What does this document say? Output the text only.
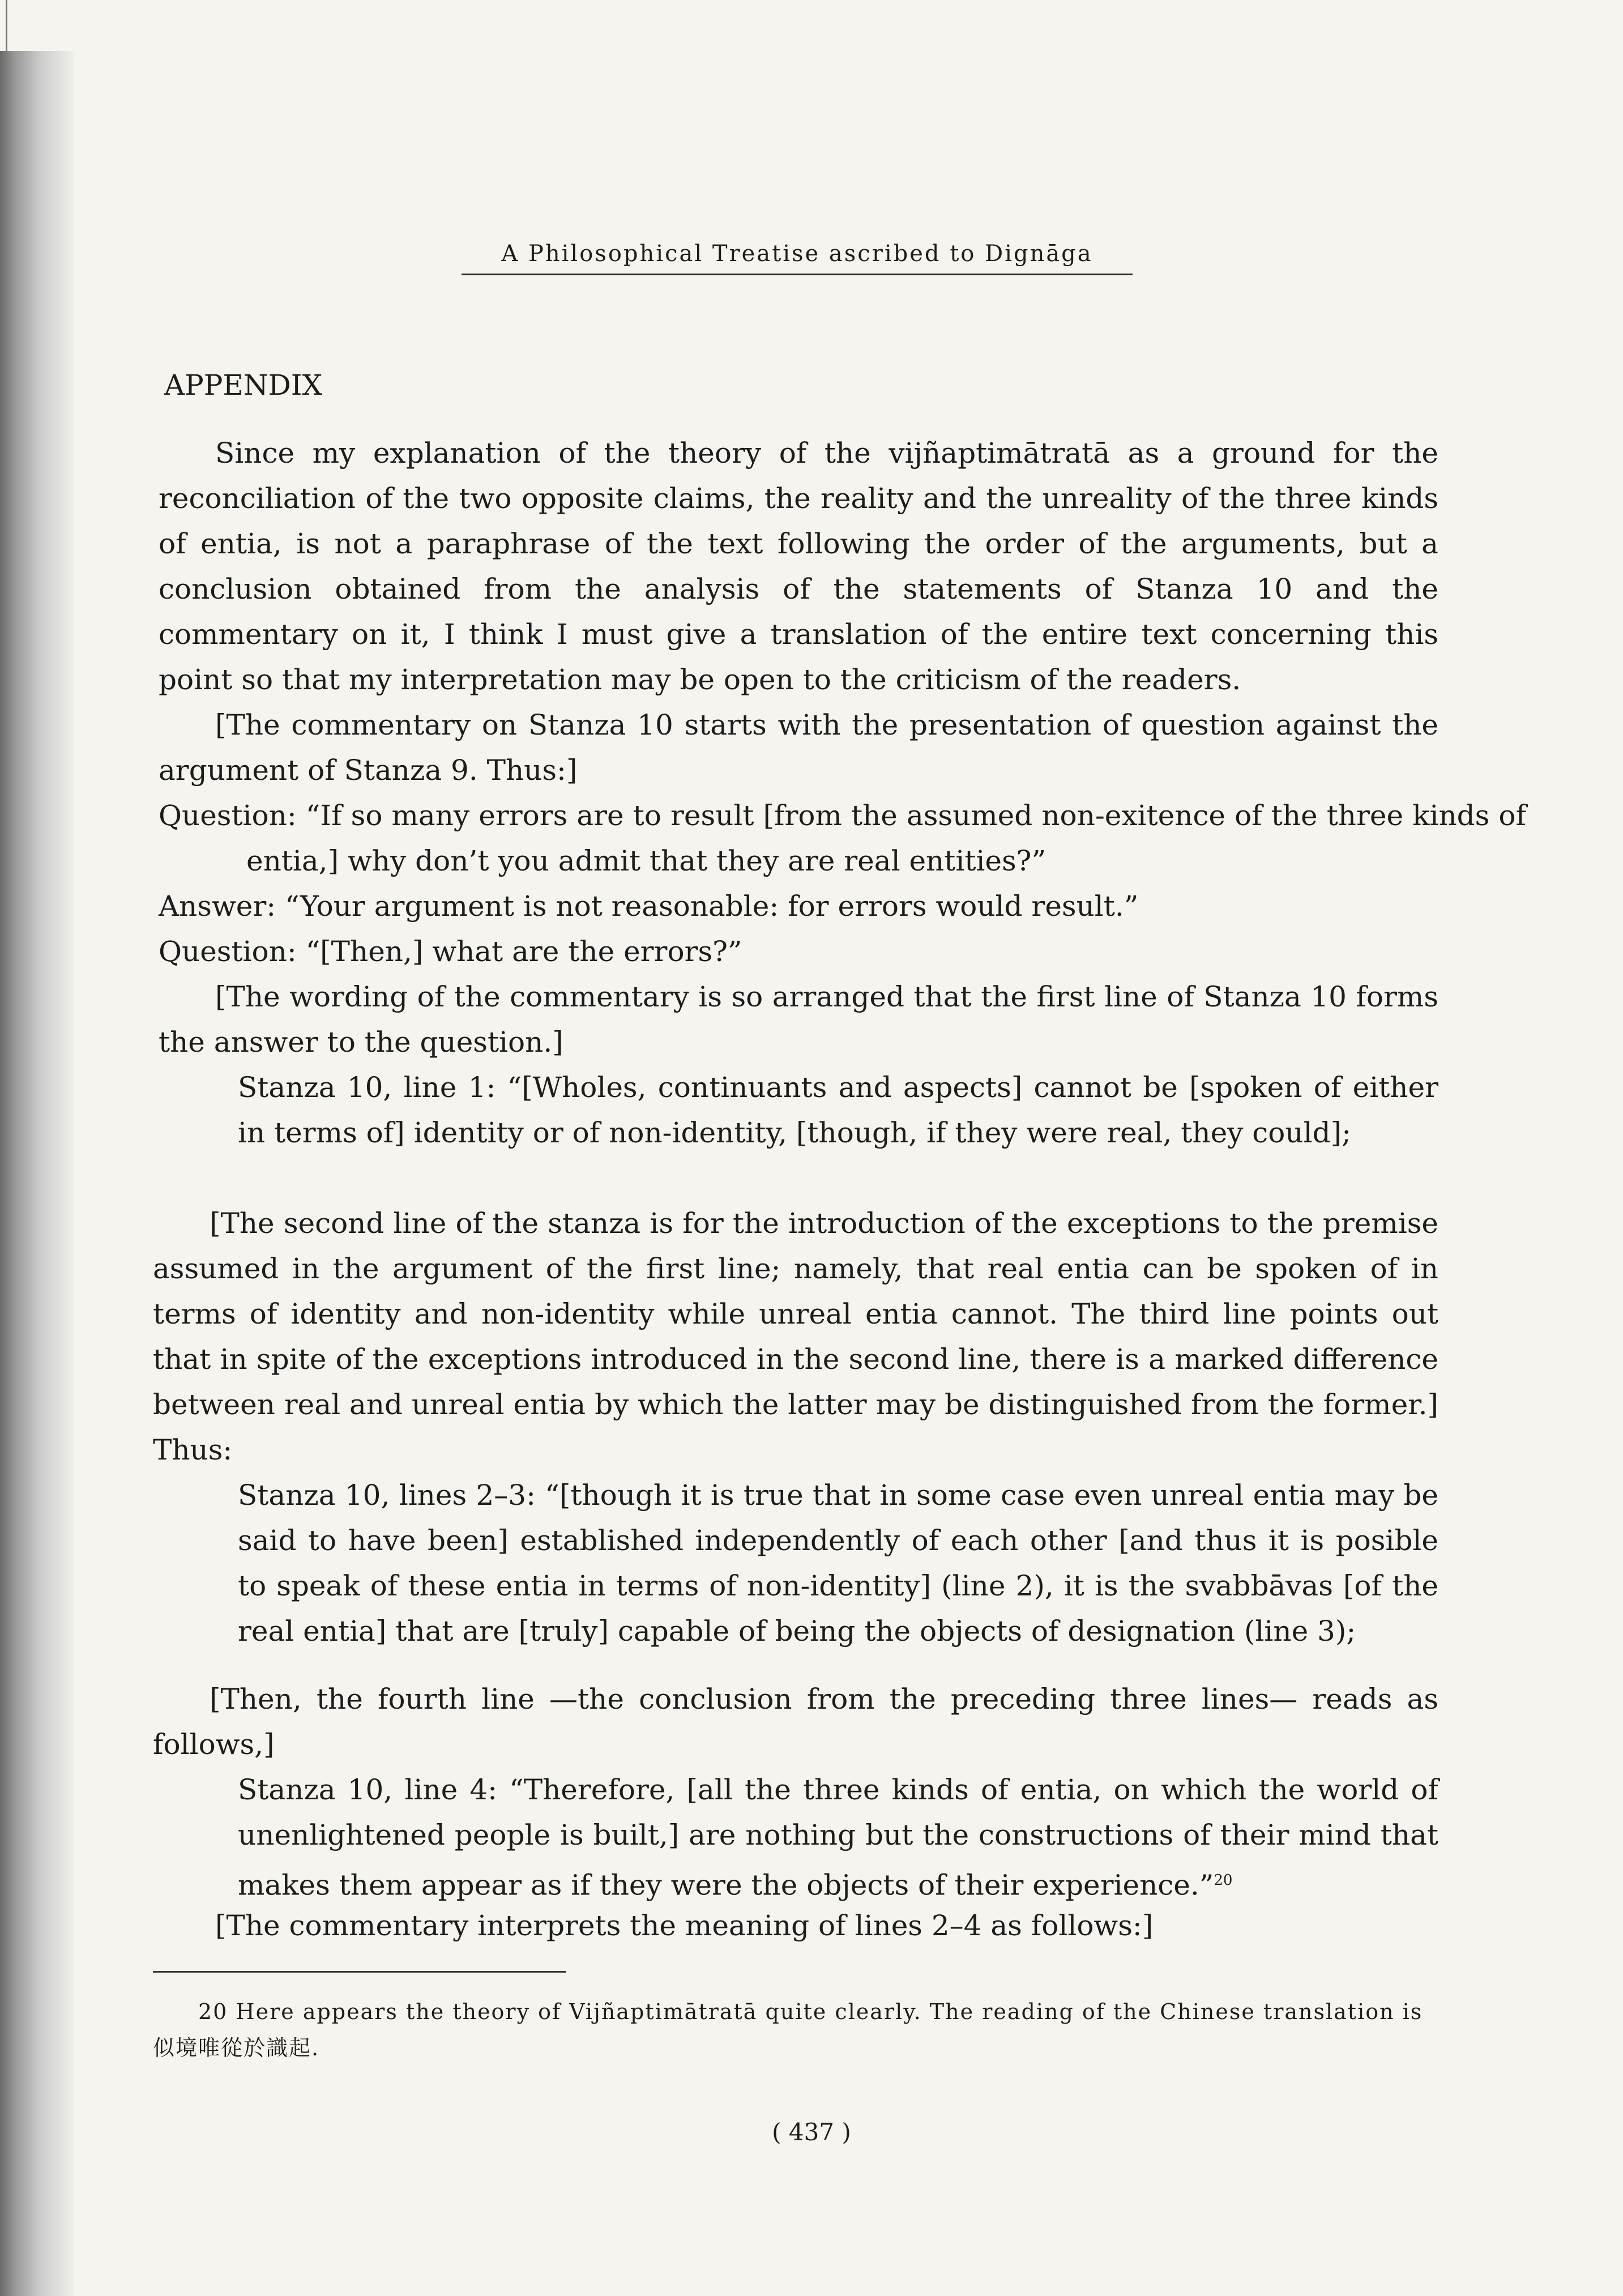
A Philosophical Treatise ascribed to Dignāga
APPENDIX
Since my explanation of the theory of the vijñaptimātratā as a ground for the reconciliation of the two opposite claims, the reality and the unreality of the three kinds of entia, is not a paraphrase of the text following the order of the arguments, but a conclusion obtained from the analysis of the statements of Stanza 10 and the commentary on it, I think I must give a translation of the entire text concerning this point so that my interpretation may be open to the criticism of the readers.
[The commentary on Stanza 10 starts with the presentation of question against the argument of Stanza 9. Thus:]
Question: “If so many errors are to result [from the assumed non-exitence of the three kinds of entia,] why don’t you admit that they are real entities?”
Answer: “Your argument is not reasonable: for errors would result.”
Question: “[Then,] what are the errors?”
[The wording of the commentary is so arranged that the first line of Stanza 10 forms the answer to the question.]
Stanza 10, line 1: “[Wholes, continuants and aspects] cannot be [spoken of either in terms of] identity or of non-identity, [though, if they were real, they could];
[The second line of the stanza is for the introduction of the exceptions to the premise assumed in the argument of the first line; namely, that real entia can be spoken of in terms of identity and non-identity while unreal entia cannot. The third line points out that in spite of the exceptions introduced in the second line, there is a marked difference between real and unreal entia by which the latter may be distinguished from the former.] Thus:
Stanza 10, lines 2–3: “[though it is true that in some case even unreal entia may be said to have been] established independently of each other [and thus it is posible to speak of these entia in terms of non-identity] (line 2), it is the svabbāvas [of the real entia] that are [truly] capable of being the objects of designation (line 3);
[Then, the fourth line —the conclusion from the preceding three lines— reads as follows,]
Stanza 10, line 4: “Therefore, [all the three kinds of entia, on which the world of unenlightened people is built,] are nothing but the constructions of their mind that makes them appear as if they were the objects of their experience.”$^{20}$
[The commentary interprets the meaning of lines 2–4 as follows:]
20 Here appears the theory of Vijñaptimātratā quite clearly. The reading of the Chinese translation is 似境唯從於識起.
( 437 )
